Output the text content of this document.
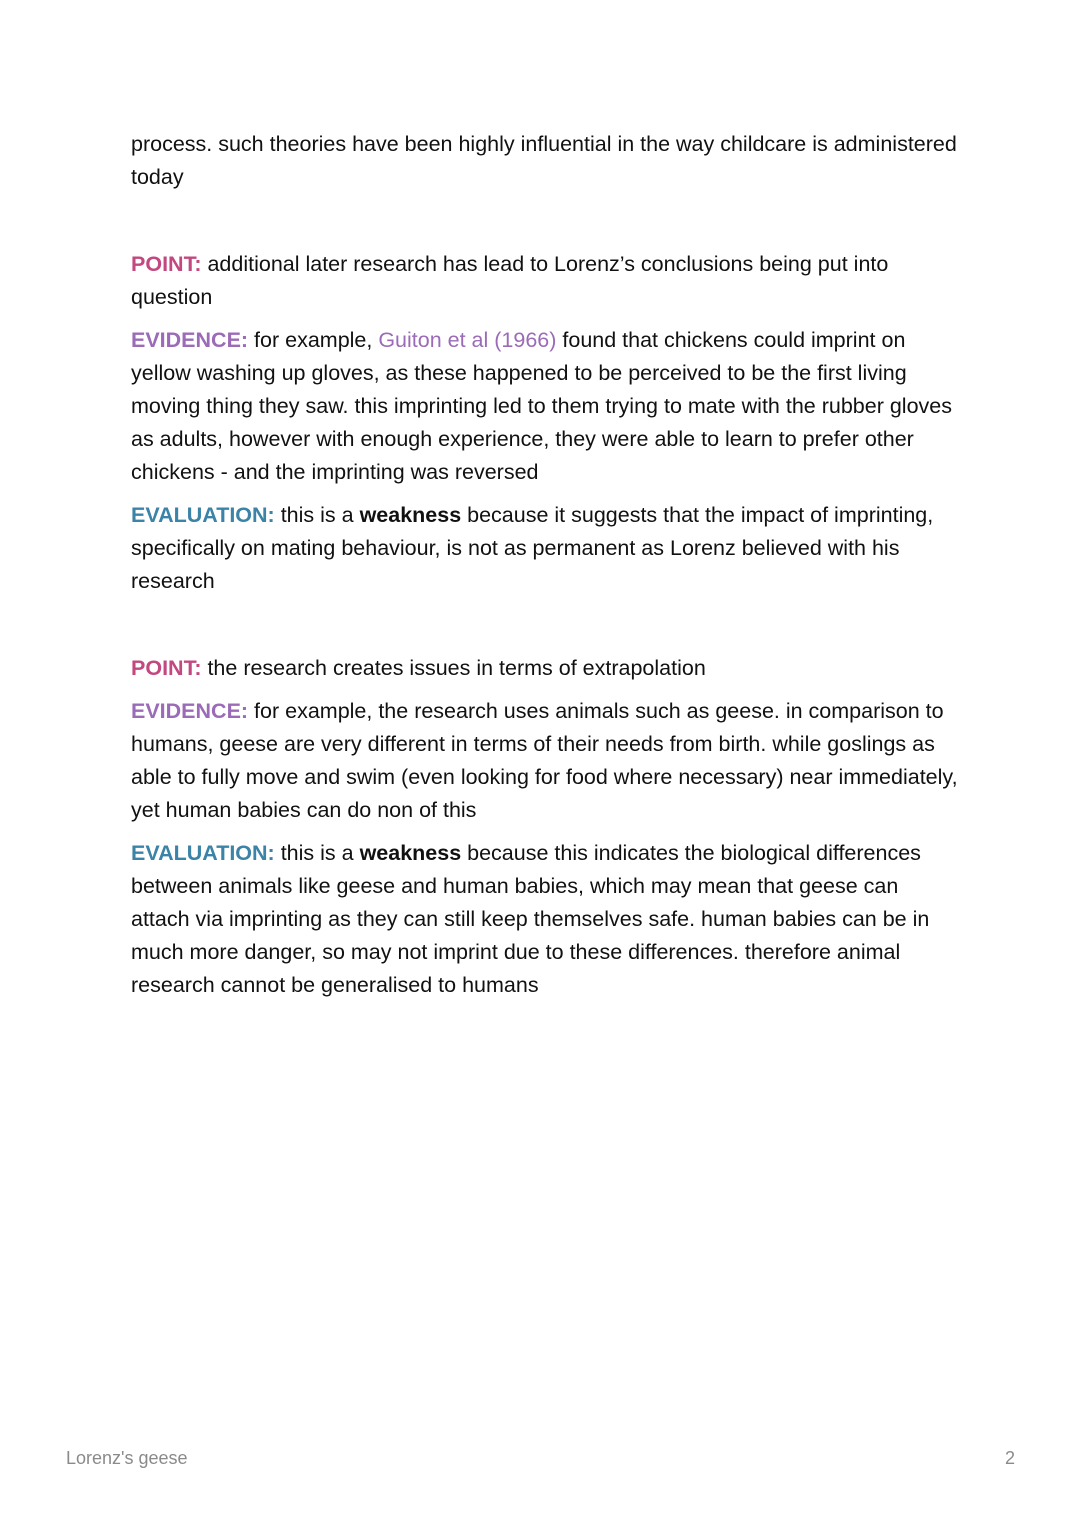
process. such theories have been highly influential in the way childcare is administered today

POINT: additional later research has lead to Lorenz’s conclusions being put into question

EVIDENCE: for example, Guiton et al (1966) found that chickens could imprint on yellow washing up gloves, as these happened to be perceived to be the first living moving thing they saw. this imprinting led to them trying to mate with the rubber gloves as adults, however with enough experience, they were able to learn to prefer other chickens - and the imprinting was reversed

EVALUATION: this is a weakness because it suggests that the impact of imprinting, specifically on mating behaviour, is not as permanent as Lorenz believed with his research

POINT: the research creates issues in terms of extrapolation

EVIDENCE: for example, the research uses animals such as geese. in comparison to humans, geese are very different in terms of their needs from birth. while goslings as able to fully move and swim (even looking for food where necessary) near immediately, yet human babies can do non of this

EVALUATION: this is a weakness because this indicates the biological differences between animals like geese and human babies, which may mean that geese can attach via imprinting as they can still keep themselves safe. human babies can be in much more danger, so may not imprint due to these differences. therefore animal research cannot be generalised to humans

Lorenz's geese	2
